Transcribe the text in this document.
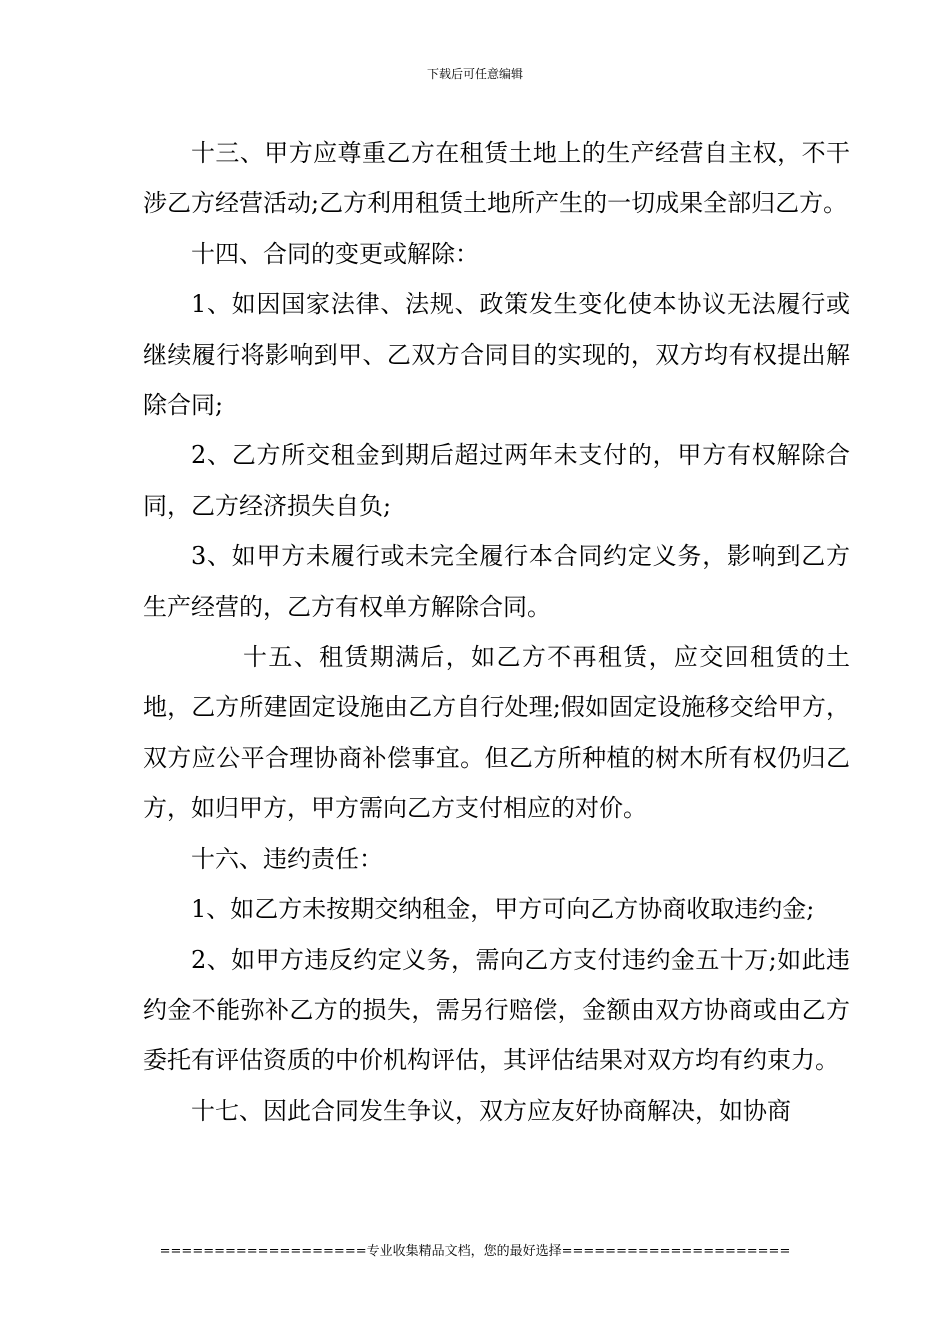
下载后可任意编辑

十三、甲方应尊重乙方在租赁土地上的生产经营自主权，不干涉乙方经营活动;乙方利用租赁土地所产生的一切成果全部归乙方。

十四、合同的变更或解除：

1、如因国家法律、法规、政策发生变化使本协议无法履行或继续履行将影响到甲、乙双方合同目的实现的，双方均有权提出解除合同;

2、乙方所交租金到期后超过两年未支付的，甲方有权解除合同，乙方经济损失自负;

3、如甲方未履行或未完全履行本合同约定义务，影响到乙方生产经营的，乙方有权单方解除合同。

十五、租赁期满后，如乙方不再租赁，应交回租赁的土地，乙方所建固定设施由乙方自行处理;假如固定设施移交给甲方，双方应公平合理协商补偿事宜。但乙方所种植的树木所有权仍归乙方，如归甲方，甲方需向乙方支付相应的对价。

十六、违约责任：

1、如乙方未按期交纳租金，甲方可向乙方协商收取违约金;

2、如甲方违反约定义务，需向乙方支付违约金五十万;如此违约金不能弥补乙方的损失，需另行赔偿，金额由双方协商或由乙方委托有评估资质的中价机构评估，其评估结果对双方均有约束力。

十七、因此合同发生争议，双方应友好协商解决，如协商

===================专业收集精品文档，您的最好选择=====================
